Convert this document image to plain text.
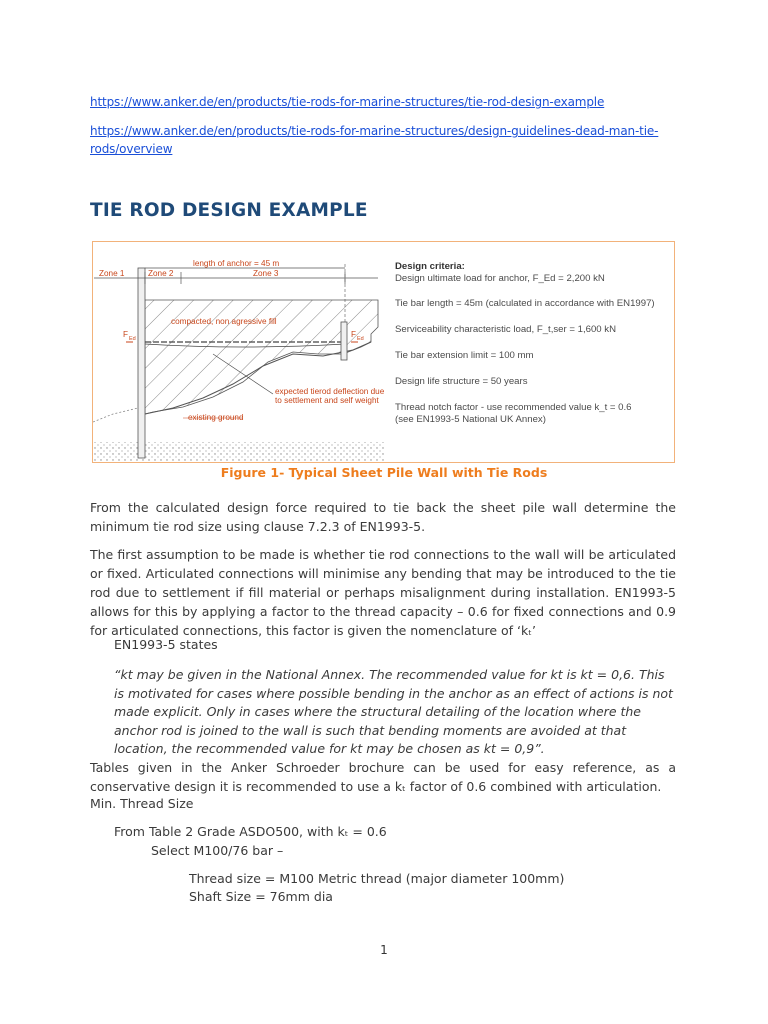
https://www.anker.de/en/products/tie-rods-for-marine-structures/tie-rod-design-example
https://www.anker.de/en/products/tie-rods-for-marine-structures/design-guidelines-dead-man-tie-rods/overview
TIE ROD DESIGN EXAMPLE
length of anchor = 45 m
Zone 1	Zone 2	Zone 3
compacted, non agressive fill
F Ed	F Ed
expected tierod deflection due
to settlement and self weight
existing ground
Design criteria:
Design ultimate load for anchor, F_Ed = 2,200 kN
Tie bar length = 45m (calculated in accordance with EN1997)
Serviceability characteristic load, F_t,ser = 1,600 kN
Tie bar extension limit = 100 mm
Design life structure = 50 years
Thread notch factor - use recommended value k_t = 0.6
(see EN1993-5 National UK Annex)
Figure 1- Typical Sheet Pile Wall with Tie Rods

From the calculated design force required to tie back the sheet pile wall determine the minimum tie rod size using clause 7.2.3 of EN1993-5.

The first assumption to be made is whether tie rod connections to the wall will be articulated or fixed. Articulated connections will minimise any bending that may be introduced to the tie rod due to settlement if fill material or perhaps misalignment during installation. EN1993-5 allows for this by applying a factor to the thread capacity – 0.6 for fixed connections and 0.9 for articulated connections, this factor is given the nomenclature of ‘kₜ’

EN1993-5 states

“kt may be given in the National Annex. The recommended value for kt is kt = 0,6. This is motivated for cases where possible bending in the anchor as an effect of actions is not made explicit. Only in cases where the structural detailing of the location where the anchor rod is joined to the wall is such that bending moments are avoided at that location, the recommended value for kt may be chosen as kt = 0,9”.

Tables given in the Anker Schroeder brochure can be used for easy reference, as a conservative design it is recommended to use a kₜ factor of 0.6 combined with articulation.

Min. Thread Size
From Table 2 Grade ASDO500, with kₜ = 0.6
Select M100/76 bar –
Thread size = M100 Metric thread (major diameter 100mm)
Shaft Size = 76mm dia
1
